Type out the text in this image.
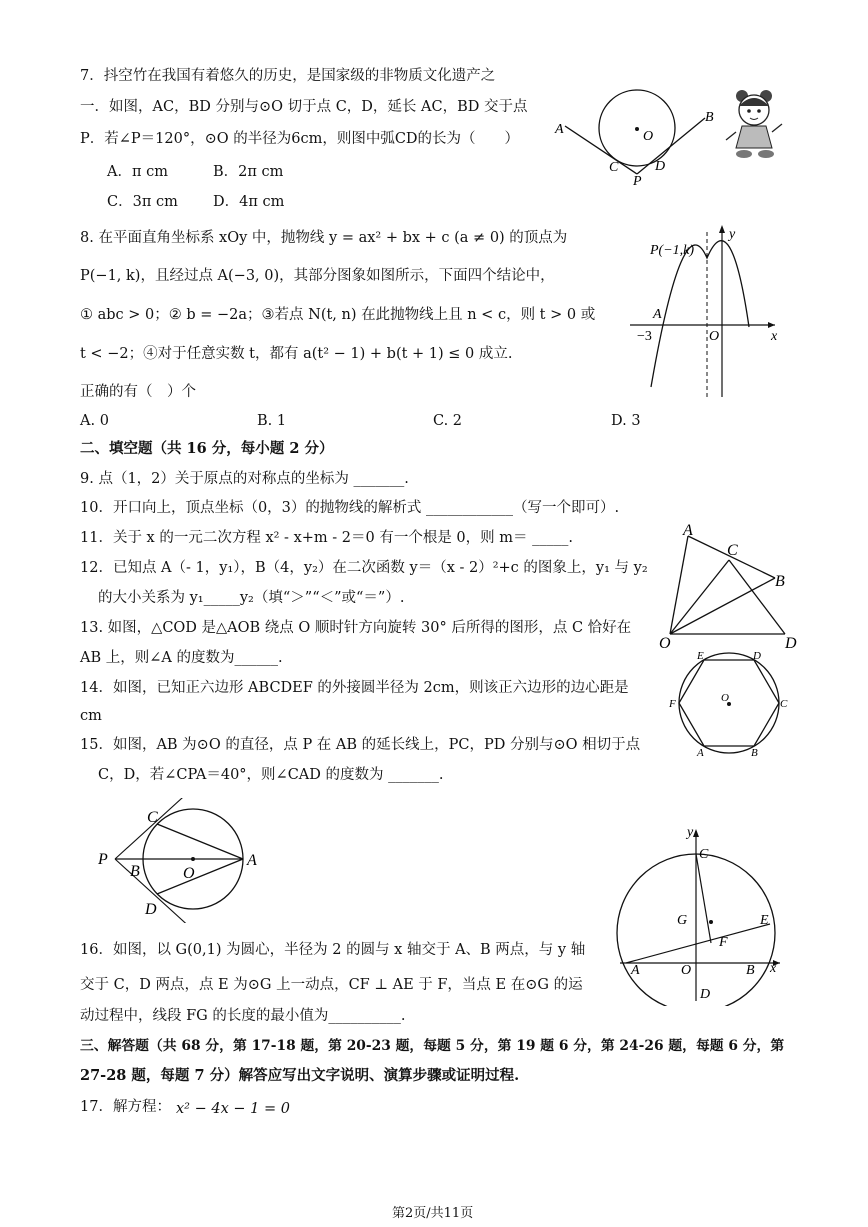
7．抖空竹在我国有着悠久的历史，是国家级的非物质文化遗产之
一．如图，AC，BD 分别与⊙O 切于点 C，D，延长 AC，BD 交于点
P．若∠P＝120°，⊙O 的半径为6cm，则图中弧CD的长为（　　）
A．π cm	B．2π cm
C．3π cm D．4π cm
A	O
B
C	D
P
8. 在平面直角坐标系 xOy 中，抛物线 y = ax² + bx + c (a ≠ 0) 的顶点为
P(−1, k)，且经过点 A(−3, 0)，其部分图象如图所示，下面四个结论中，
① abc > 0；② b = −2a；③若点 N(t, n) 在此抛物线上且 n < c，则 t > 0 或
t < −2；④对于任意实数 t，都有 a(t² − 1) + b(t + 1) ≤ 0 成立.
正确的有（　）个
A. 0	B. 1	C. 2	D. 3
P(−1,k)
y
A
−3	O	x
二、填空题（共 16 分，每小题 2 分）
9. 点（1，2）关于原点的对称点的坐标为 _______.
10．开口向上，顶点坐标（0，3）的抛物线的解析式 ____________（写一个即可）.
11．关于 x 的一元二次方程 x² - x+m - 2＝0 有一个根是 0，则 m＝ _____.
12．已知点 A（- 1，y₁），B（4，y₂）在二次函数 y＝（x - 2）²+c 的图象上，y₁ 与 y₂
的大小关系为 y₁_____y₂（填“＞”“＜”或“＝”）.
13. 如图，△COD 是△AOB 绕点 O 顺时针方向旋转 30° 后所得的图形，点 C 恰好在
AB 上，则∠A 的度数为______.
A
C
B
O	D
14．如图，已知正六边形 ABCDEF 的外接圆半径为 2cm，则该正六边形的边心距是
cm
E	D
F	O	C
A	B
15．如图，AB 为⊙O 的直径，点 P 在 AB 的延长线上，PC，PD 分别与⊙O 相切于点
C，D，若∠CPA＝40°，则∠CAD 的度数为 _______.
C
P
B	O
A
D
16．如图，以 G(0,1) 为圆心，半径为 2 的圆与 x 轴交于 A、B 两点，与 y 轴
交于 C，D 两点，点 E 为⊙G 上一动点，CF ⊥ AE 于 F，当点 E 在⊙G 的运
动过程中，线段 FG 的长度的最小值为__________.
y
C
G	E
F
A	O	B x
D
三、解答题（共 68 分，第 17-18 题，第 20-23 题，每题 5 分，第 19 题 6 分，第 24-26 题，每题 6 分，第
27-28 题，每题 7 分）解答应写出文字说明、演算步骤或证明过程.
17．解方程： x² − 4x − 1 = 0
第2页/共11页
